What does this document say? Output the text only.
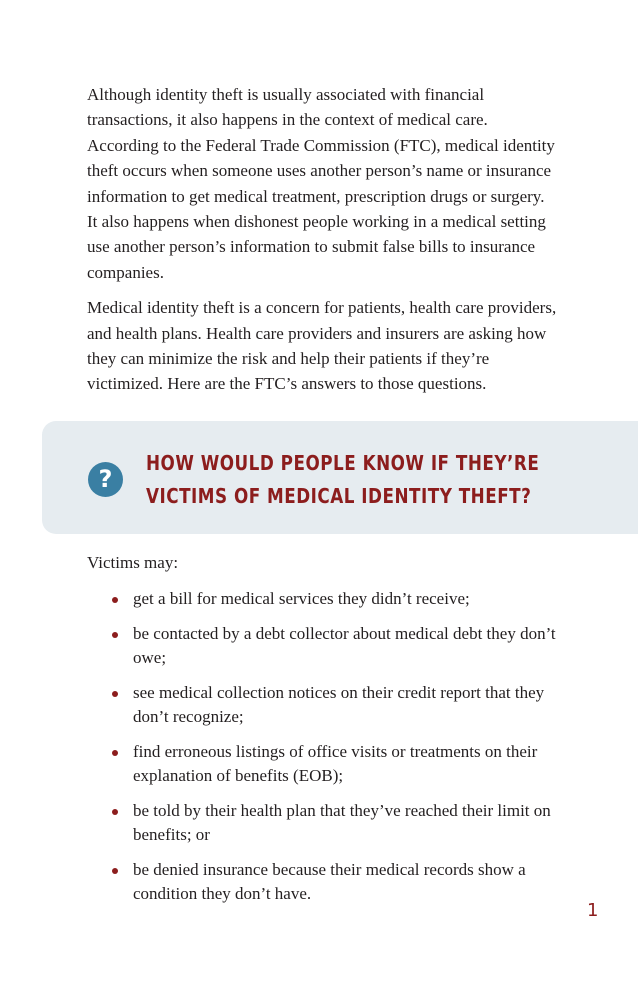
Although identity theft is usually associated with financial transactions, it also happens in the context of medical care. According to the Federal Trade Commission (FTC), medical identity theft occurs when someone uses another person’s name or insurance information to get medical treatment, prescription drugs or surgery. It also happens when dishonest people working in a medical setting use another person’s information to submit false bills to insurance companies.

Medical identity theft is a concern for patients, health care providers, and health plans. Health care providers and insurers are asking how they can minimize the risk and help their patients if they’re victimized. Here are the FTC’s answers to those questions.

?
HOW WOULD PEOPLE KNOW IF THEY’RE
VICTIMS OF MEDICAL IDENTITY THEFT?

Victims may:

get a bill for medical services they didn’t receive;
be contacted by a debt collector about medical debt they don’t owe;
see medical collection notices on their credit report that they don’t recognize;
find erroneous listings of office visits or treatments on their explanation of benefits (EOB);
be told by their health plan that they’ve reached their limit on benefits; or
be denied insurance because their medical records show a condition they don’t have.
1
